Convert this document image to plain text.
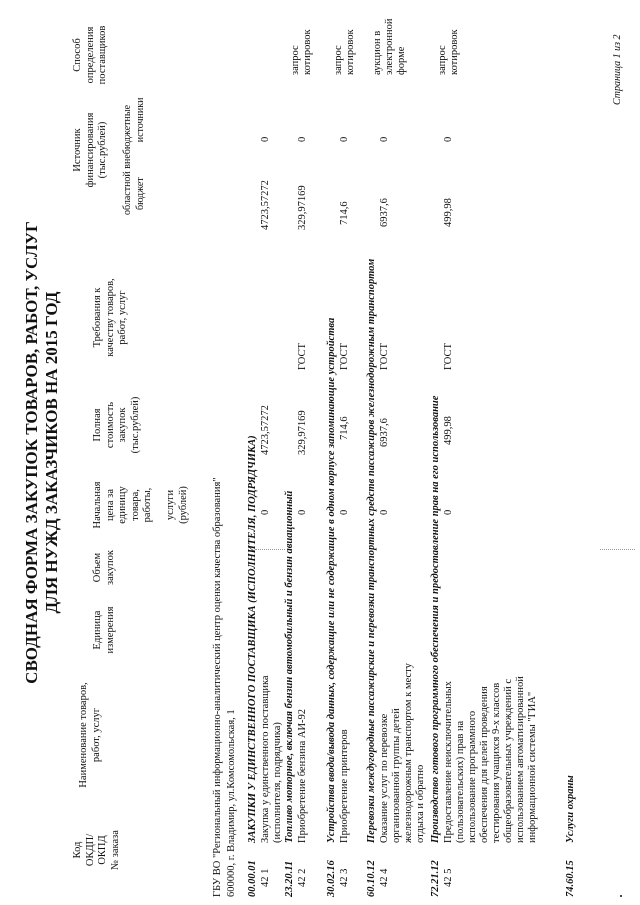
СВОДНАЯ ФОРМА ЗАКУПОК ТОВАРОВ, РАБОТ, УСЛУГ ДЛЯ НУЖД ЗАКАЗЧИКОВ НА 2015 ГОД
Код ОКДП/ ОКПД № заказа
Наименование товаров, работ, услуг
Единица измерения
Объем закупок
Начальная цена за единицу товара, работы, услуги (рублей)
Полная стоимость закупок (тыс.рублей)
Требования к качеству товаров, работ, услуг
Источник финансирования (тыс.рублей) областной внебюджетные бюджет  источники
Способ определения поставщиков
ГБУ ВО "Региональный информационно-аналитический центр оценки качества образования" 600000, г. Владимир, ул.Комсомольская, 1 00.00.01
ЗАКУПКИ У ЕДИНСТВЕННОГО ПОСТАВЩИКА (ИСПОЛНИТЕЛЯ, ПОДРЯДЧИКА)
42 1
Закупка у единственного поставщика (исполнителя, подрядчика)
0
4723,57272
4723,57272
0
23.20.11
Топливо моторное, включая бензин автомобильный и бензин авиационный
42 2
Приобретение бензина АИ-92
0
329,97169
ГОСТ
329,97169
0
запрос котировок
30.02.16
Устройства ввода/вывода данных, содержащие или не содержащие в одном корпусе запоминающие устройства
42 3
Приобретение принтеров
0
714,6
ГОСТ
714,6
0
запрос котировок
60.10.12
Перевозки междугородные пассажирские и перевозки транспортных средств пассажиров железнодорожным транспортом
42 4
Оказание услуг по перевозке организованной группы детей железнодорожным транспортом к месту отдыха и обратно
0
6937,6
ГОСТ
6937,6
0
аукцион в электронной форме
72.21.12
Производство готового программного обеспечения и предоставление прав на его использование
42 5
Предоставление неисключительных (пользовательских) прав на использование программного обеспечения для целей проведения тестирования учащихся 9-х классов общеобразовательных учреждений с использованием автоматизированной информационной системы "ГИА"
0
499,98
ГОСТ
499,98
0
запрос котировок
74.60.15
Услуги охраны
Страница 1 из 2
